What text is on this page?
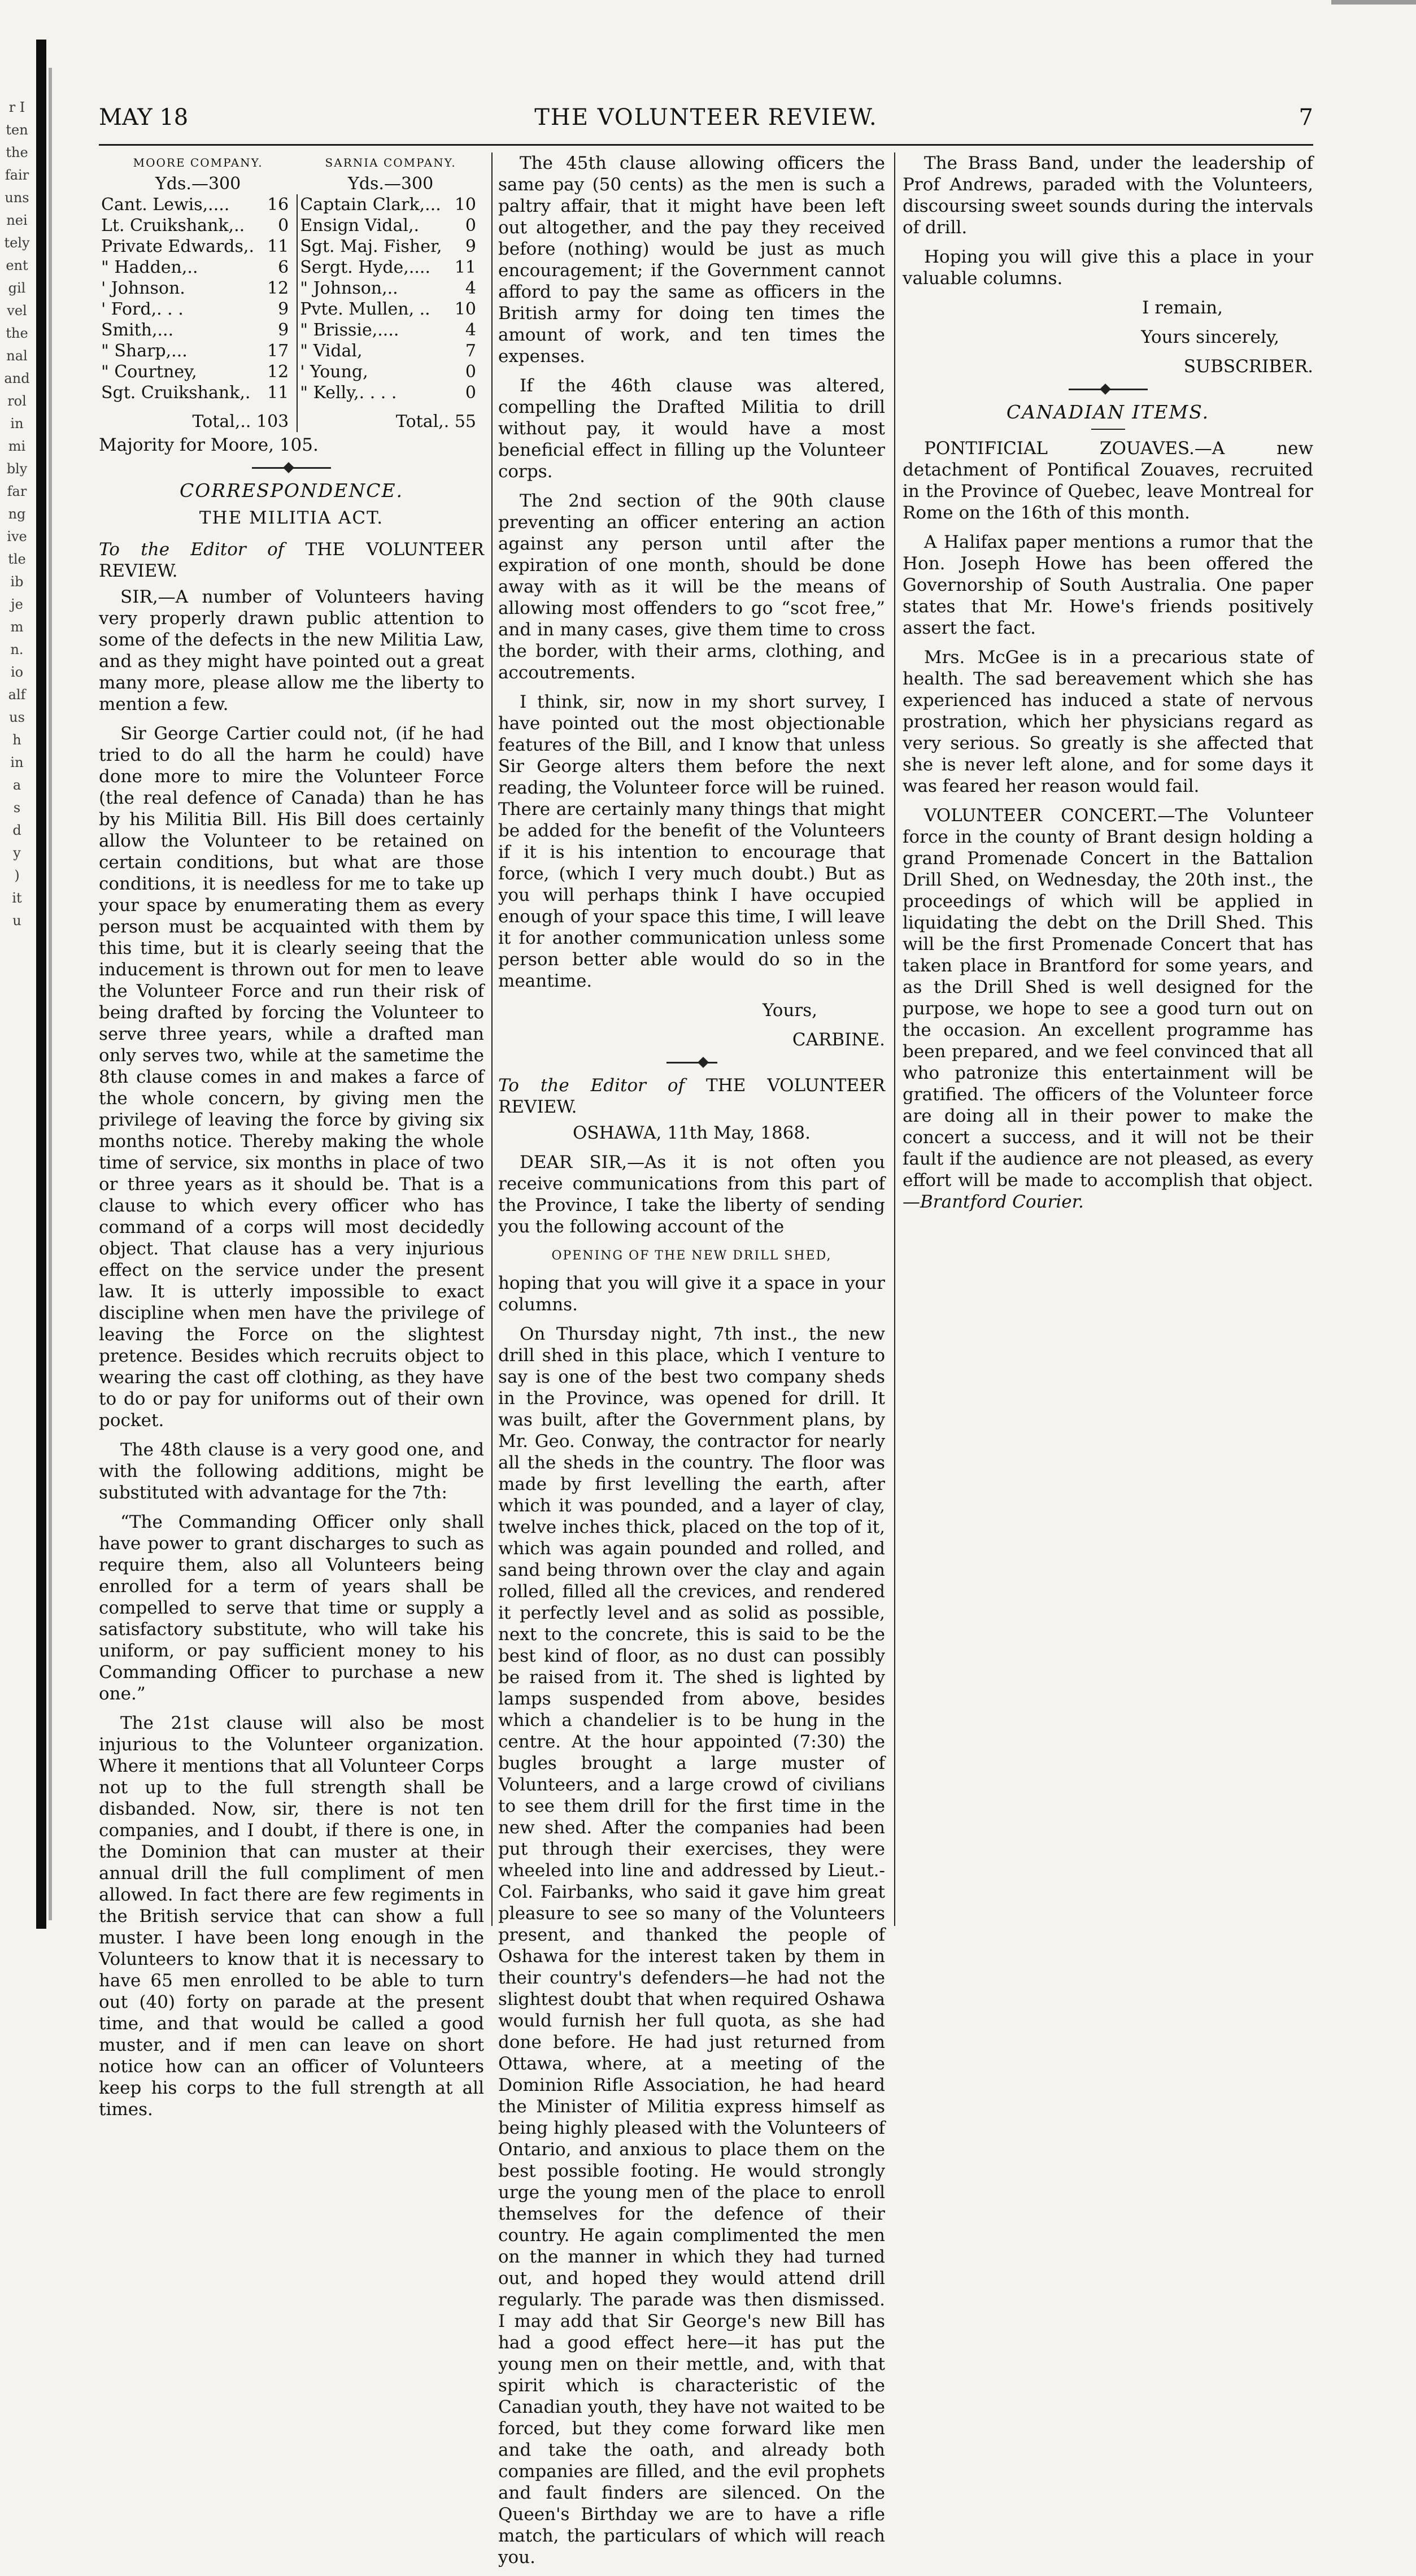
r I
ten
the
fair
uns
nei
tely
ent
gil
vel
the
nal
and
rol
in
mi
bly
far
ng
ive
tle
ib
je
m
n.
io
alf
us
h
in
a
s
d
y
)
it
u
MAY 18	THE VOLUNTEER REVIEW.	7
MOORE COMPANY.		SARNIA COMPANY.	
Yds.—300		Yds.—300	
Cant. Lewis,....	16	Captain Clark,...	10
Lt. Cruikshank,..	0	Ensign Vidal,.	0
Private Edwards,.	11	Sgt. Maj. Fisher,	9
" Hadden,..	6	Sergt. Hyde,....	11
' Johnson.	12	" Johnson,..	4
' Ford,. . .	9	Pvte. Mullen, ..	10
Smith,...	9	" Brissie,....	4
" Sharp,...	17	" Vidal,	7
" Courtney,	12	' Young,	0
Sgt. Cruikshank,.	11	" Kelly,. . . .	0
Total,.. 103		Total,. 55	

Majority for Moore, 105.

CORRESPONDENCE.

THE MILITIA ACT.

To the Editor of THE VOLUNTEER REVIEW.

SIR,—A number of Volunteers having very properly drawn public attention to some of the defects in the new Militia Law, and as they might have pointed out a great many more, please allow me the liberty to mention a few.

Sir George Cartier could not, (if he had tried to do all the harm he could) have done more to mire the Volunteer Force (the real defence of Canada) than he has by his Militia Bill. His Bill does certainly allow the Volunteer to be retained on certain conditions, but what are those conditions, it is needless for me to take up your space by enumerating them as every person must be acquainted with them by this time, but it is clearly seeing that the inducement is thrown out for men to leave the Volunteer Force and run their risk of being drafted by forcing the Volunteer to serve three years, while a drafted man only serves two, while at the sametime the 8th clause comes in and makes a farce of the whole concern, by giving men the privilege of leaving the force by giving six months notice. Thereby making the whole time of service, six months in place of two or three years as it should be. That is a clause to which every officer who has command of a corps will most decidedly object. That clause has a very injurious effect on the service under the present law. It is utterly impossible to exact discipline when men have the privilege of leaving the Force on the slightest pretence. Besides which recruits object to wearing the cast off clothing, as they have to do or pay for uniforms out of their own pocket.

The 48th clause is a very good one, and with the following additions, might be substituted with advantage for the 7th:

“The Commanding Officer only shall have power to grant discharges to such as require them, also all Volunteers being enrolled for a term of years shall be compelled to serve that time or supply a satisfactory substitute, who will take his uniform, or pay sufficient money to his Commanding Officer to purchase a new one.”

The 21st clause will also be most injurious to the Volunteer organization. Where it mentions that all Volunteer Corps not up to the full strength shall be disbanded. Now, sir, there is not ten companies, and I doubt, if there is one, in the Dominion that can muster at their annual drill the full compliment of men allowed. In fact there are few regiments in the British service that can show a full muster. I have been long enough in the Volunteers to know that it is necessary to have 65 men enrolled to be able to turn out (40) forty on parade at the present time, and that would be called a good muster, and if men can leave on short notice how can an officer of Volunteers keep his corps to the full strength at all times.

The 45th clause allowing officers the same pay (50 cents) as the men is such a paltry affair, that it might have been left out altogether, and the pay they received before (nothing) would be just as much encouragement; if the Government cannot afford to pay the same as officers in the British army for doing ten times the amount of work, and ten times the expenses.

If the 46th clause was altered, compelling the Drafted Militia to drill without pay, it would have a most beneficial effect in filling up the Volunteer corps.

The 2nd section of the 90th clause preventing an officer entering an action against any person until after the expiration of one month, should be done away with as it will be the means of allowing most offenders to go “scot free,” and in many cases, give them time to cross the border, with their arms, clothing, and accoutrements.

I think, sir, now in my short survey, I have pointed out the most objectionable features of the Bill, and I know that unless Sir George alters them before the next reading, the Volunteer force will be ruined. There are certainly many things that might be added for the benefit of the Volunteers if it is his intention to encourage that force, (which I very much doubt.) But as you will perhaps think I have occupied enough of your space this time, I will leave it for another communication unless some person better able would do so in the meantime.

Yours,

CARBINE.

To the Editor of THE VOLUNTEER REVIEW.

OSHAWA, 11th May, 1868.

DEAR SIR,—As it is not often you receive communications from this part of the Province, I take the liberty of sending you the following account of the

OPENING OF THE NEW DRILL SHED,

hoping that you will give it a space in your columns.

On Thursday night, 7th inst., the new drill shed in this place, which I venture to say is one of the best two company sheds in the Province, was opened for drill. It was built, after the Government plans, by Mr. Geo. Conway, the contractor for nearly all the sheds in the country. The floor was made by first levelling the earth, after which it was pounded, and a layer of clay, twelve inches thick, placed on the top of it, which was again pounded and rolled, and sand being thrown over the clay and again rolled, filled all the crevices, and rendered it perfectly level and as solid as possible, next to the concrete, this is said to be the best kind of floor, as no dust can possibly be raised from it. The shed is lighted by lamps suspended from above, besides which a chandelier is to be hung in the centre. At the hour appointed (7:30) the bugles brought a large muster of Volunteers, and a large crowd of civilians to see them drill for the first time in the new shed. After the companies had been put through their exercises, they were wheeled into line and addressed by Lieut.-Col. Fairbanks, who said it gave him great pleasure to see so many of the Volunteers present, and thanked the people of Oshawa for the interest taken by them in their country's defenders—he had not the slightest doubt that when required Oshawa would furnish her full quota, as she had done before. He had just returned from Ottawa, where, at a meeting of the Dominion Rifle Association, he had heard the Minister of Militia express himself as being highly pleased with the Volunteers of Ontario, and anxious to place them on the best possible footing. He would strongly urge the young men of the place to enroll themselves for the defence of their country. He again complimented the men on the manner in which they had turned out, and hoped they would attend drill regularly. The parade was then dismissed. I may add that Sir George's new Bill has had a good effect here—it has put the young men on their mettle, and, with that spirit which is characteristic of the Canadian youth, they have not waited to be forced, but they come forward like men and take the oath, and already both companies are filled, and the evil prophets and fault finders are silenced. On the Queen's Birthday we are to have a rifle match, the particulars of which will reach you.

The Brass Band, under the leadership of Prof Andrews, paraded with the Volunteers, discoursing sweet sounds during the intervals of drill.

Hoping you will give this a place in your valuable columns.

I remain,

Yours sincerely,

SUBSCRIBER.

CANADIAN ITEMS.

PONTIFICIAL ZOUAVES.—A new detachment of Pontifical Zouaves, recruited in the Province of Quebec, leave Montreal for Rome on the 16th of this month.

A Halifax paper mentions a rumor that the Hon. Joseph Howe has been offered the Governorship of South Australia. One paper states that Mr. Howe's friends positively assert the fact.

Mrs. McGee is in a precarious state of health. The sad bereavement which she has experienced has induced a state of nervous prostration, which her physicians regard as very serious. So greatly is she affected that she is never left alone, and for some days it was feared her reason would fail.

VOLUNTEER CONCERT.—The Volunteer force in the county of Brant design holding a grand Promenade Concert in the Battalion Drill Shed, on Wednesday, the 20th inst., the proceedings of which will be applied in liquidating the debt on the Drill Shed. This will be the first Promenade Concert that has taken place in Brantford for some years, and as the Drill Shed is well designed for the purpose, we hope to see a good turn out on the occasion. An excellent programme has been prepared, and we feel convinced that all who patronize this entertainment will be gratified. The officers of the Volunteer force are doing all in their power to make the concert a success, and it will not be their fault if the audience are not pleased, as every effort will be made to accomplish that object.—Brantford Courier.
